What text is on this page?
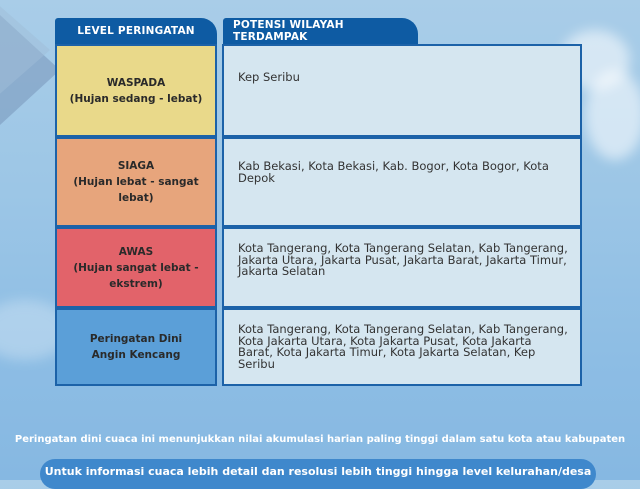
LEVEL PERINGATAN	POTENSI WILAYAH TERDAMPAK
WASPADA
(Hujan sedang - lebat)
Kep Seribu
SIAGA
(Hujan lebat - sangat lebat)
Kab Bekasi, Kota Bekasi, Kab. Bogor, Kota Bogor, Kota Depok
AWAS
(Hujan sangat lebat - ekstrem)
Kota Tangerang, Kota Tangerang Selatan, Kab Tangerang, Jakarta Utara, Jakarta Pusat, Jakarta Barat, Jakarta Timur, Jakarta Selatan
Peringatan Dini Angin Kencang
Kota Tangerang, Kota Tangerang Selatan, Kab Tangerang, Kota Jakarta Utara, Kota Jakarta Pusat, Kota Jakarta Barat, Kota Jakarta Timur, Kota Jakarta Selatan, Kep Seribu
Peringatan dini cuaca ini menunjukkan nilai akumulasi harian paling tinggi dalam satu kota atau kabupaten
Untuk informasi cuaca lebih detail dan resolusi lebih tinggi hingga level kelurahan/desa
